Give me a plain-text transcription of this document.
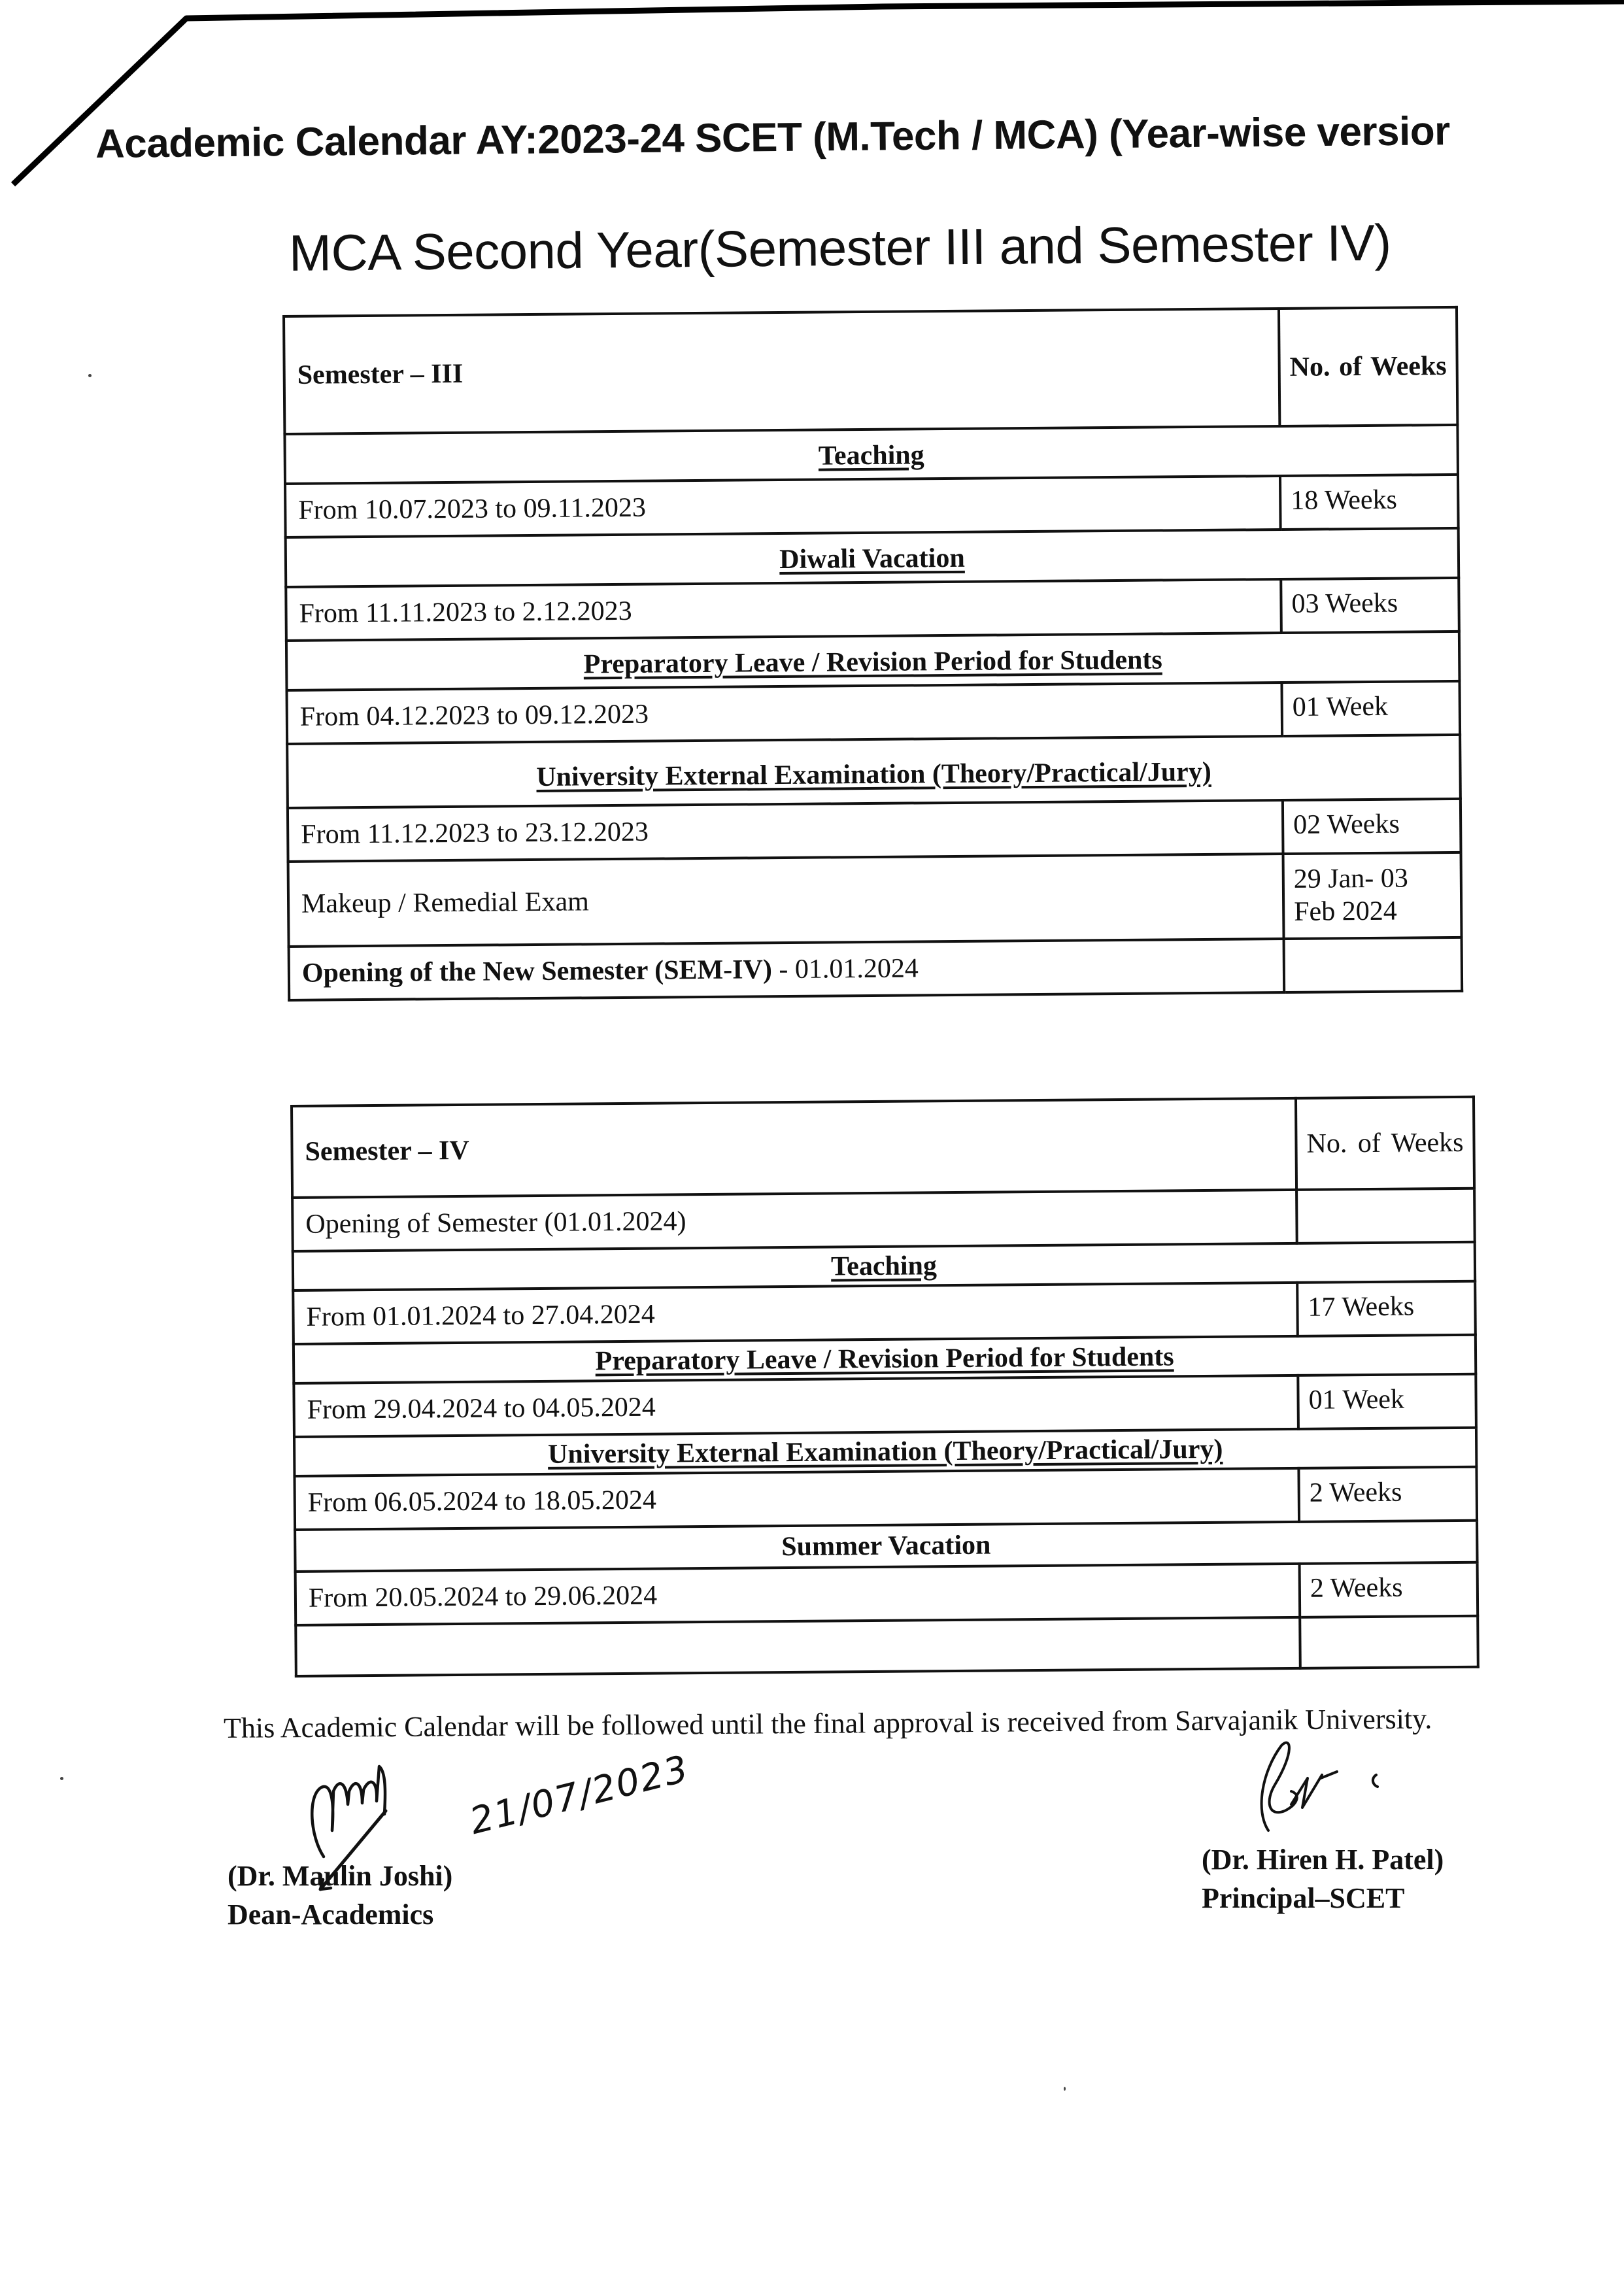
Academic Calendar AY:2023-24 SCET (M.Tech / MCA) (Year-wise versior
MCA Second Year(Semester III and Semester IV)
Semester – III	No. of Weeks
Teaching	
From 10.07.2023 to 09.11.2023	18 Weeks
Diwali Vacation	
From 11.11.2023 to 2.12.2023	03 Weeks
Preparatory Leave / Revision Period for Students	
From 04.12.2023 to 09.12.2023	01 Week
University External Examination (Theory/Practical/Jury)	
From 11.12.2023 to 23.12.2023	02 Weeks
Makeup / Remedial Exam	29 Jan- 03 Feb 2024
Opening of the New Semester (SEM-IV) - 01.01.2024	
Semester – IV	No. of Weeks
Opening of Semester (01.01.2024)	
Teaching	
From 01.01.2024 to 27.04.2024	17 Weeks
Preparatory Leave / Revision Period for Students	
From 29.04.2024 to 04.05.2024	01 Week
University External Examination (Theory/Practical/Jury)	
From 06.05.2024 to 18.05.2024	2 Weeks
Summer Vacation	
From 20.05.2024 to 29.06.2024	2 Weeks

This Academic Calendar will be followed until the final approval is received from Sarvajanik University.
21/07/2023
(Dr. Maulin Joshi)
Dean-Academics
(Dr. Hiren H. Patel)
Principal–SCET
